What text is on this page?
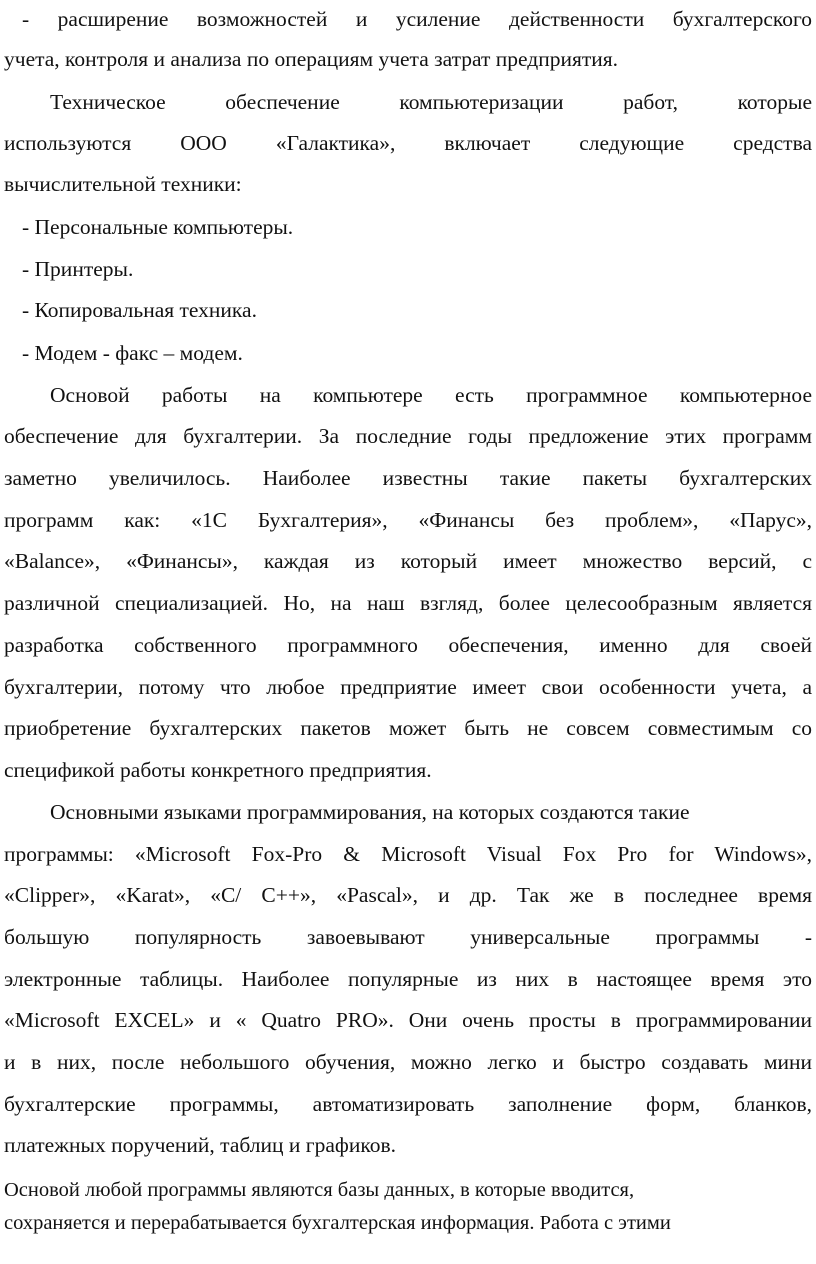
- расширение возможностей и усиление действенности бухгалтерского
учета, контроля и анализа по операциям учета затрат предприятия.
Техническое обеспечение компьютеризации работ, которые
используются ООО «Галактика», включает следующие средства
вычислительной техники:
- Персональные компьютеры.
- Принтеры.
- Копировальная техника.
- Модем - факс – модем.
Основой работы на компьютере есть программное компьютерное
обеспечение для бухгалтерии. За последние годы предложение этих программ
заметно увеличилось. Наиболее известны такие пакеты бухгалтерских
программ как: «1С Бухгалтерия», «Финансы без проблем», «Парус»,
«Balance», «Финансы», каждая из который имеет множество версий, с
различной специализацией. Но, на наш взгляд, более целесообразным является
разработка собственного программного обеспечения, именно для своей
бухгалтерии, потому что любое предприятие имеет свои особенности учета, а
приобретение бухгалтерских пакетов может быть не совсем совместимым со
спецификой работы конкретного предприятия.
Основными языками программирования, на которых создаются такие
программы: «Microsoft Fox-Pro & Microsoft Visual Fox Pro for Windows»,
«Clipper», «Karat», «C/ C++», «Pascal», и др. Так же в последнее время
большую популярность завоевывают универсальные программы -
электронные таблицы. Наиболее популярные из них в настоящее время это
«Microsoft EXCEL» и « Quatro PRO». Они очень просты в программировании
и в них, после небольшого обучения, можно легко и быстро создавать мини
бухгалтерские программы, автоматизировать заполнение форм, бланков,
платежных поручений, таблиц и графиков.
Основой любой программы являются базы данных, в которые вводится,
сохраняется и перерабатывается бухгалтерская информация. Работа с этими
